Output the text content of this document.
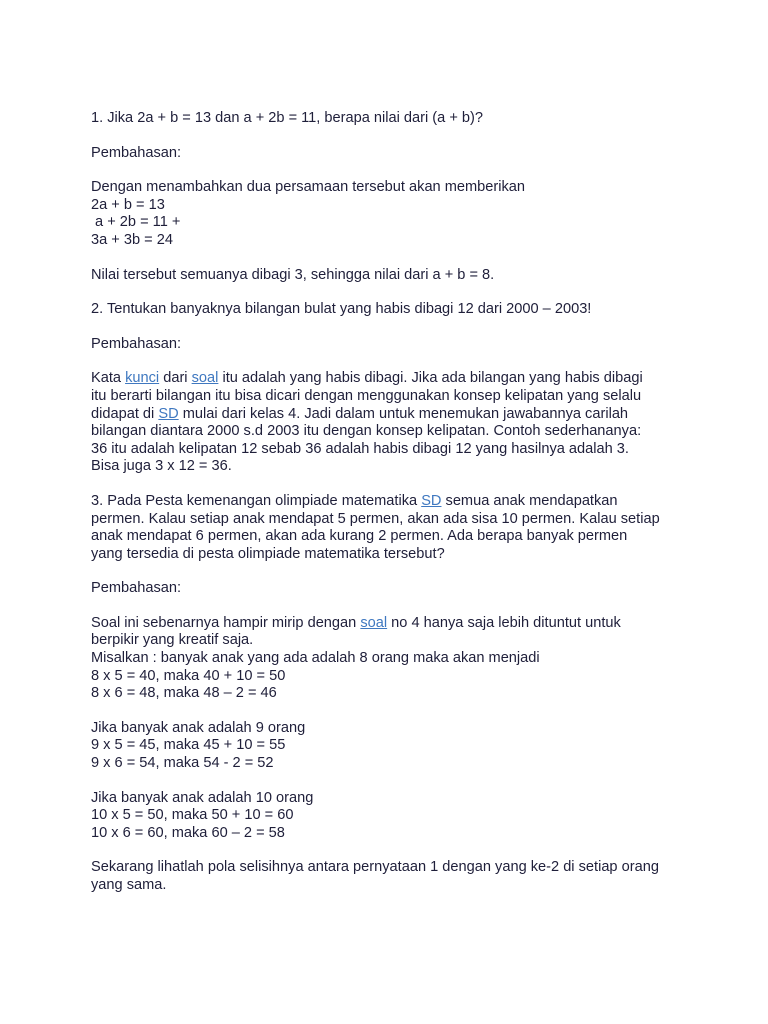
1. Jika 2a + b = 13 dan a + 2b = 11, berapa nilai dari (a + b)?

Pembahasan:

Dengan menambahkan dua persamaan tersebut akan memberikan
2a + b = 13
a + 2b = 11 +
3a + 3b = 24

Nilai tersebut semuanya dibagi 3, sehingga nilai dari a + b = 8.

2. Tentukan banyaknya bilangan bulat yang habis dibagi 12 dari 2000 – 2003!

Pembahasan:

Kata kunci dari soal itu adalah yang habis dibagi. Jika ada bilangan yang habis dibagi
itu berarti bilangan itu bisa dicari dengan menggunakan konsep kelipatan yang selalu
didapat di SD mulai dari kelas 4. Jadi dalam untuk menemukan jawabannya carilah
bilangan diantara 2000 s.d 2003 itu dengan konsep kelipatan. Contoh sederhananya:
36 itu adalah kelipatan 12 sebab 36 adalah habis dibagi 12 yang hasilnya adalah 3.
Bisa juga 3 x 12 = 36.

3. Pada Pesta kemenangan olimpiade matematika SD semua anak mendapatkan
permen. Kalau setiap anak mendapat 5 permen, akan ada sisa 10 permen. Kalau setiap
anak mendapat 6 permen, akan ada kurang 2 permen. Ada berapa banyak permen
yang tersedia di pesta olimpiade matematika tersebut?

Pembahasan:

Soal ini sebenarnya hampir mirip dengan soal no 4 hanya saja lebih dituntut untuk
berpikir yang kreatif saja.
Misalkan : banyak anak yang ada adalah 8 orang maka akan menjadi
8 x 5 = 40, maka 40 + 10 = 50
8 x 6 = 48, maka 48 – 2 = 46

Jika banyak anak adalah 9 orang
9 x 5 = 45, maka 45 + 10 = 55
9 x 6 = 54, maka 54 - 2 = 52

Jika banyak anak adalah 10 orang
10 x 5 = 50, maka 50 + 10 = 60
10 x 6 = 60, maka 60 – 2 = 58

Sekarang lihatlah pola selisihnya antara pernyataan 1 dengan yang ke-2 di setiap orang
yang sama.
